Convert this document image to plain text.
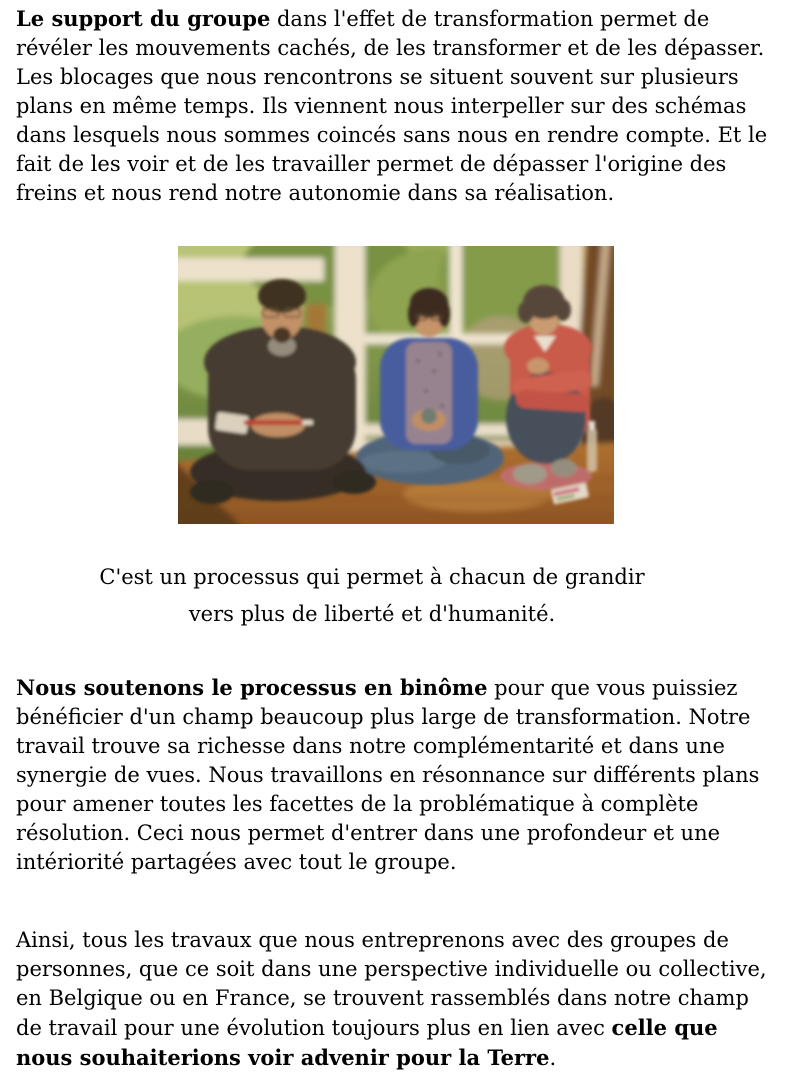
Le support du groupe dans l'effet de transformation permet de
révéler les mouvements cachés, de les transformer et de les dépasser.
Les blocages que nous rencontrons se situent souvent sur plusieurs
plans en même temps. Ils viennent nous interpeller sur des schémas
dans lesquels nous sommes coincés sans nous en rendre compte. Et le
fait de les voir et de les travailler permet de dépasser l'origine des
freins et nous rend notre autonomie dans sa réalisation.

C'est un processus qui permet à chacun de grandir
vers plus de liberté et d'humanité.

Nous soutenons le processus en binôme pour que vous puissiez
bénéficier d'un champ beaucoup plus large de transformation. Notre
travail trouve sa richesse dans notre complémentarité et dans une
synergie de vues. Nous travaillons en résonnance sur différents plans
pour amener toutes les facettes de la problématique à complète
résolution. Ceci nous permet d'entrer dans une profondeur et une
intériorité partagées avec tout le groupe.

Ainsi, tous les travaux que nous entreprenons avec des groupes de
personnes, que ce soit dans une perspective individuelle ou collective,
en Belgique ou en France, se trouvent rassemblés dans notre champ
de travail pour une évolution toujours plus en lien avec celle que
nous souhaiterions voir advenir pour la Terre.
